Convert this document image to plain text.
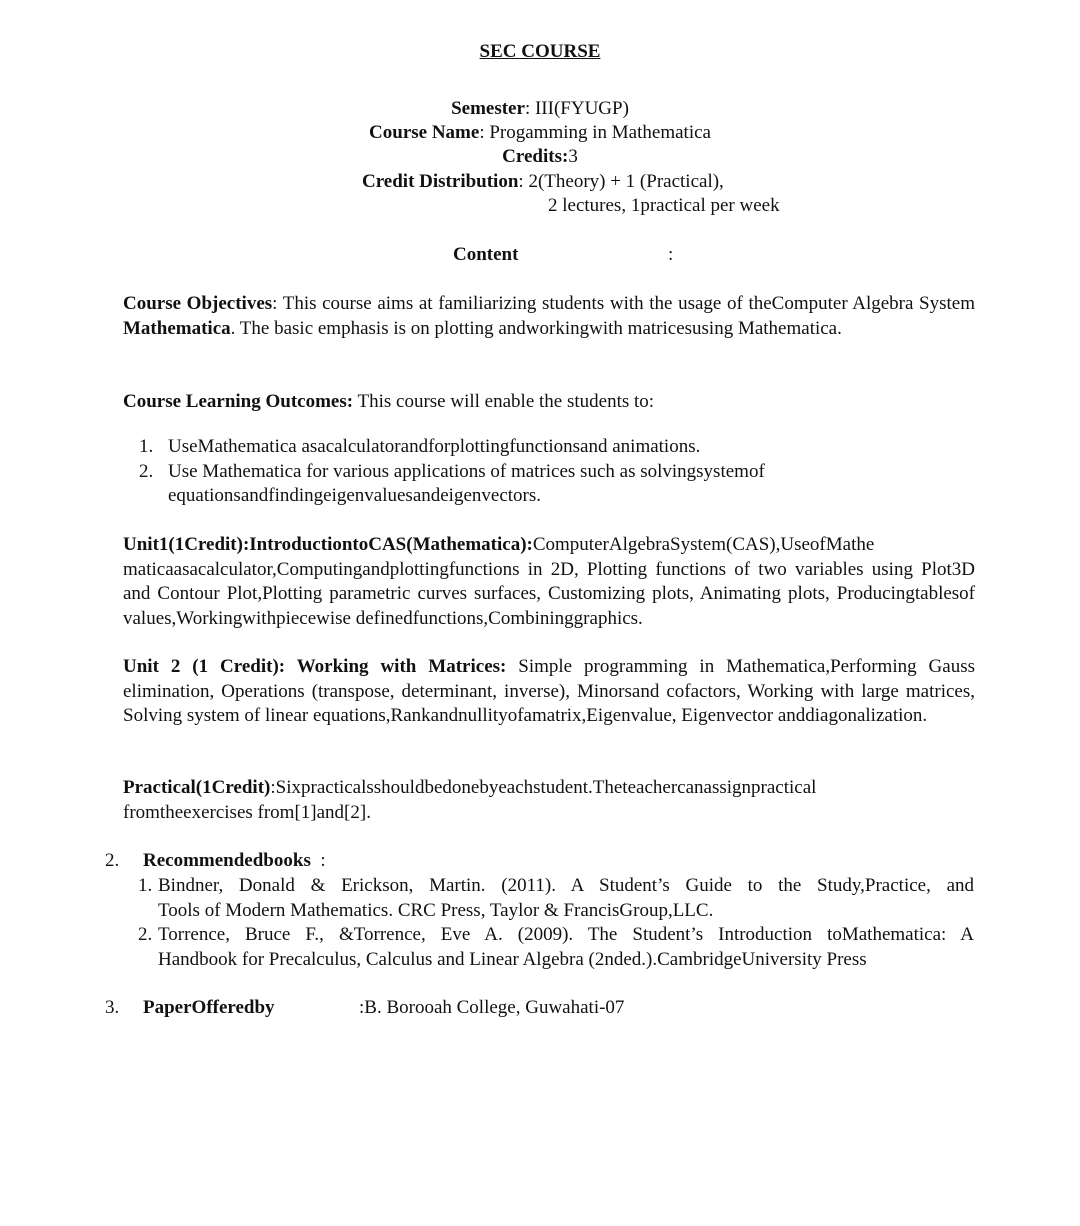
SEC COURSE
Semester: III(FYUGP)
Course Name: Progamming in Mathematica
Credits:3
Credit Distribution: 2(Theory) + 1 (Practical),
2 lectures, 1practical per week
Content	:
Course Objectives: This course aims at familiarizing students with the usage of theComputer Algebra System Mathematica. The basic emphasis is on plotting andworkingwith matricesusing Mathematica.
Course Learning Outcomes: This course will enable the students to:
1. UseMathematica asacalculatorandforplottingfunctionsand animations.
2. Use Mathematica for various applications of matrices such as solvingsystemof equationsandfindingeigenvaluesandeigenvectors.
Unit1(1Credit):IntroductiontoCAS(Mathematica):ComputerAlgebraSystem(CAS),UseofMathe
maticaasacalculator,Computingandplottingfunctions in 2D, Plotting functions of two variables using Plot3D and Contour Plot,Plotting parametric curves surfaces, Customizing plots, Animating plots, Producingtablesof values,Workingwithpiecewise definedfunctions,Combininggraphics.
Unit 2 (1 Credit): Working with Matrices: Simple programming in Mathematica,Performing Gauss elimination, Operations (transpose, determinant, inverse), Minorsand cofactors, Working with large matrices, Solving system of linear equations,Rankandnullityofamatrix,Eigenvalue, Eigenvector anddiagonalization.
Practical(1Credit):Sixpracticalsshouldbedonebyeachstudent.Theteachercanassignpractical fromtheexercises from[1]and[2].
2. Recommendedbooks :
1. Bindner, Donald & Erickson, Martin. (2011). A Student’s Guide to the Study,Practice, and
Tools of Modern Mathematics. CRC Press, Taylor & FrancisGroup,LLC.
2. Torrence, Bruce F., &Torrence, Eve A. (2009). The Student’s Introduction toMathematica: A
Handbook for Precalculus, Calculus and Linear Algebra (2nded.).CambridgeUniversity Press
3. PaperOfferedby	:B. Borooah College, Guwahati-07
